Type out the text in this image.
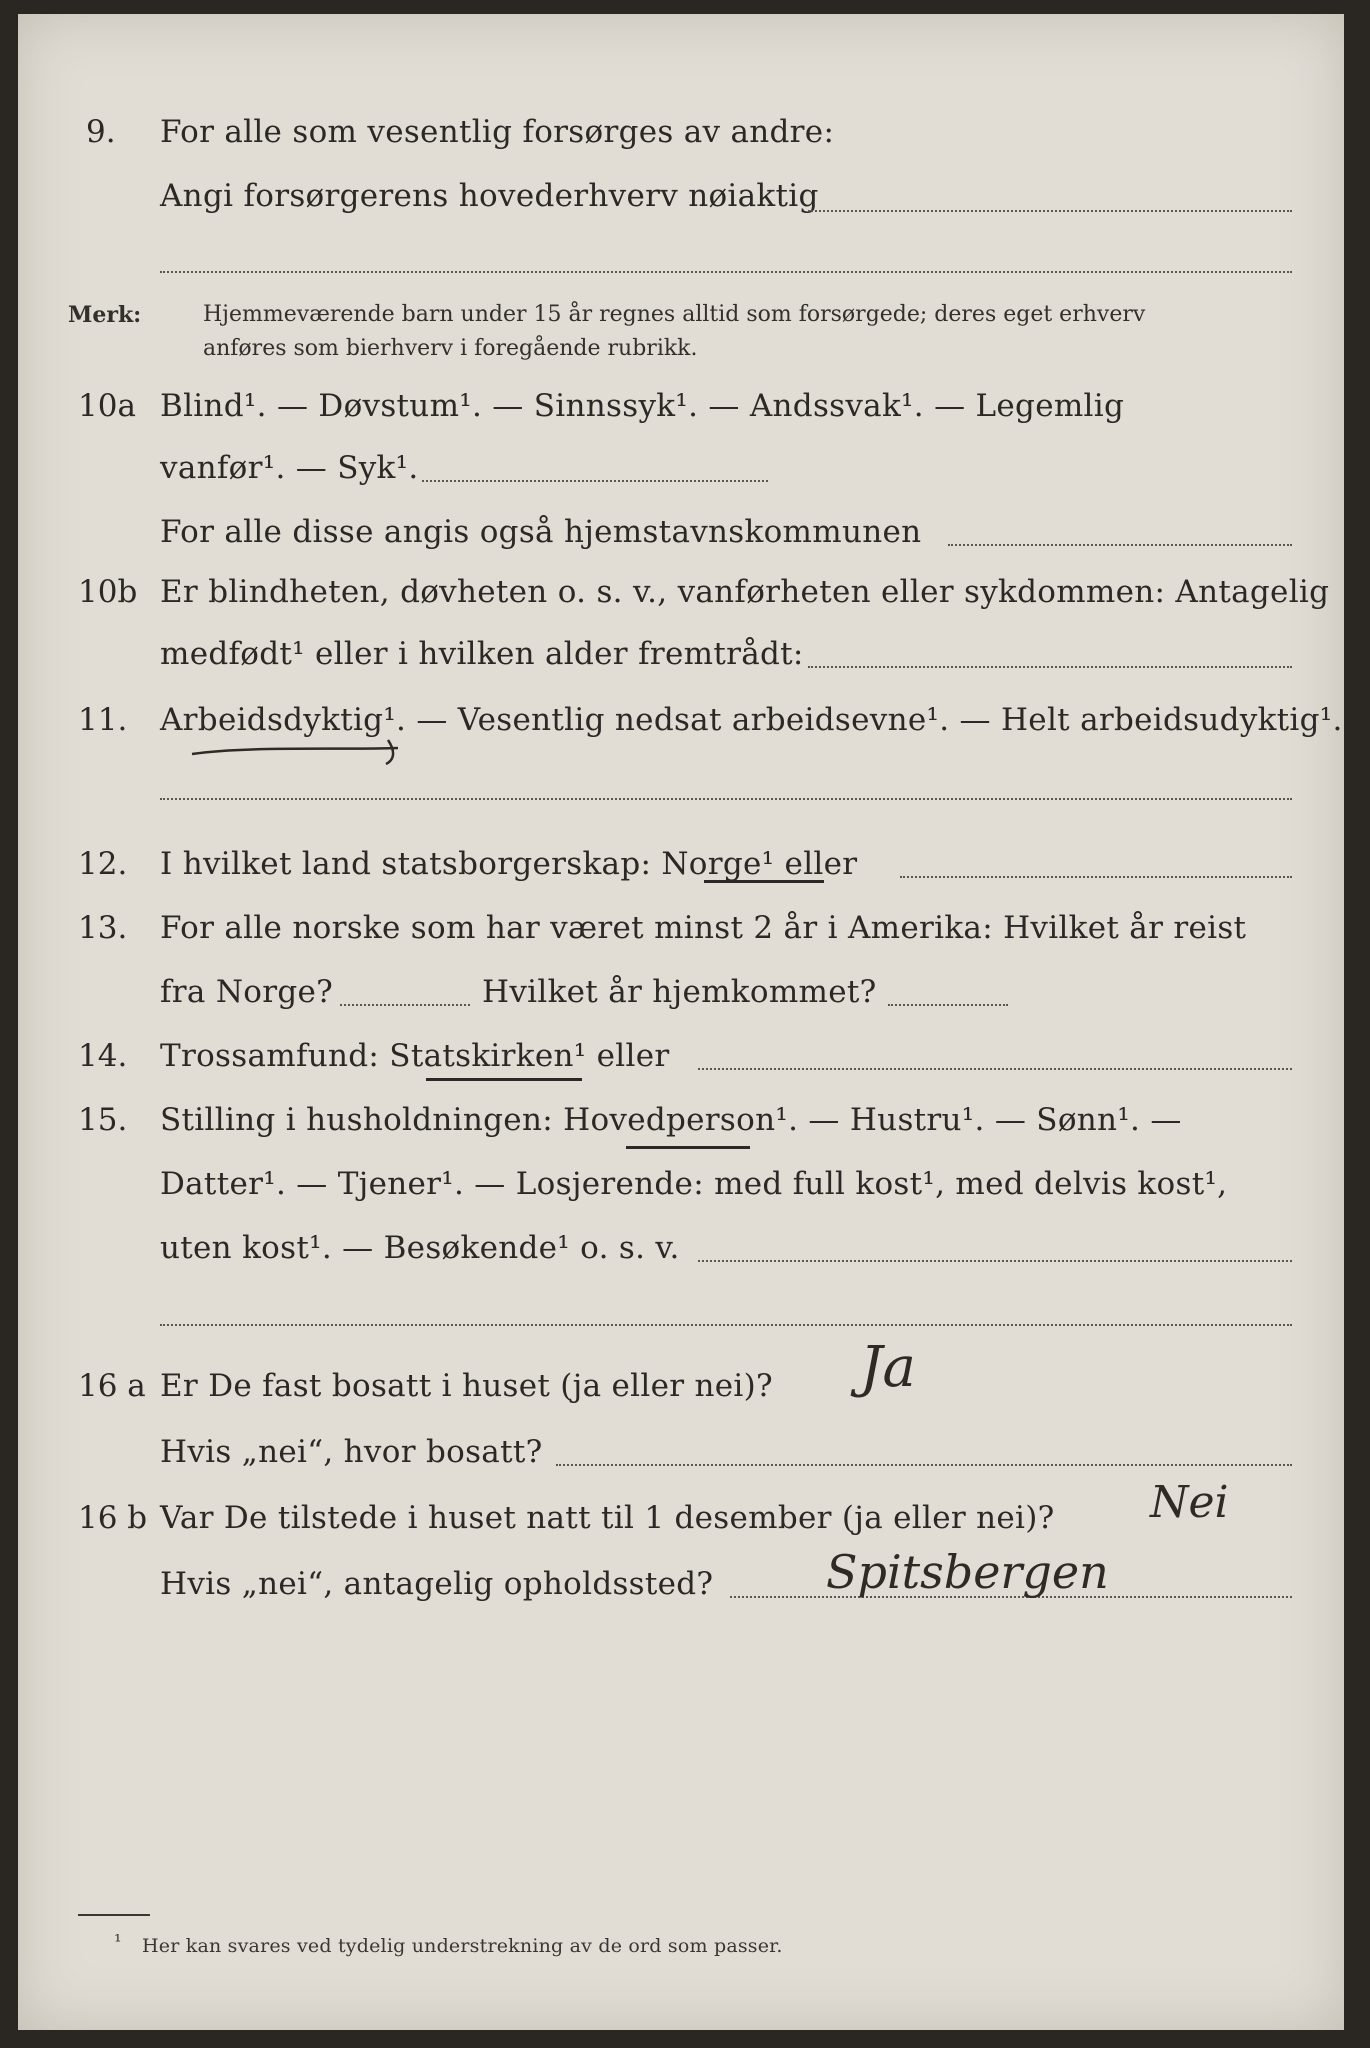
9. For alle som vesentlig forsørges av andre:
Angi forsørgerens hovederhverv nøiaktig
Merk:	Hjemmeværende barn under 15 år regnes alltid som forsørgede; deres eget erhverv
anføres som bierhverv i foregående rubrikk.
10a Blind¹. — Døvstum¹. — Sinnssyk¹. — Andssvak¹. — Legemlig
vanfør¹. — Syk¹.
For alle disse angis også hjemstavnskommunen
10b Er blindheten, døvheten o. s. v., vanførheten eller sykdommen: Antagelig
medfødt¹ eller i hvilken alder fremtrådt:
11. Arbeidsdyktig¹. — Vesentlig nedsat arbeidsevne¹. — Helt arbeidsudyktig¹.
12. I hvilket land statsborgerskap: Norge¹ eller
13. For alle norske som har været minst 2 år i Amerika: Hvilket år reist
fra Norge?	Hvilket år hjemkommet?
14. Trossamfund: Statskirken¹ eller
15. Stilling i husholdningen: Hovedperson¹. — Hustru¹. — Sønn¹. —
Datter¹. — Tjener¹. — Losjerende: med full kost¹, med delvis kost¹,
uten kost¹. — Besøkende¹ o. s. v.
16 a Er De fast bosatt i huset (ja eller nei)? Ja
Hvis „nei“, hvor bosatt?
16 b Var De tilstede i huset natt til 1 desember (ja eller nei)? Nei
Hvis „nei“, antagelig opholdssted? Spitsbergen
¹ Her kan svares ved tydelig understrekning av de ord som passer.
